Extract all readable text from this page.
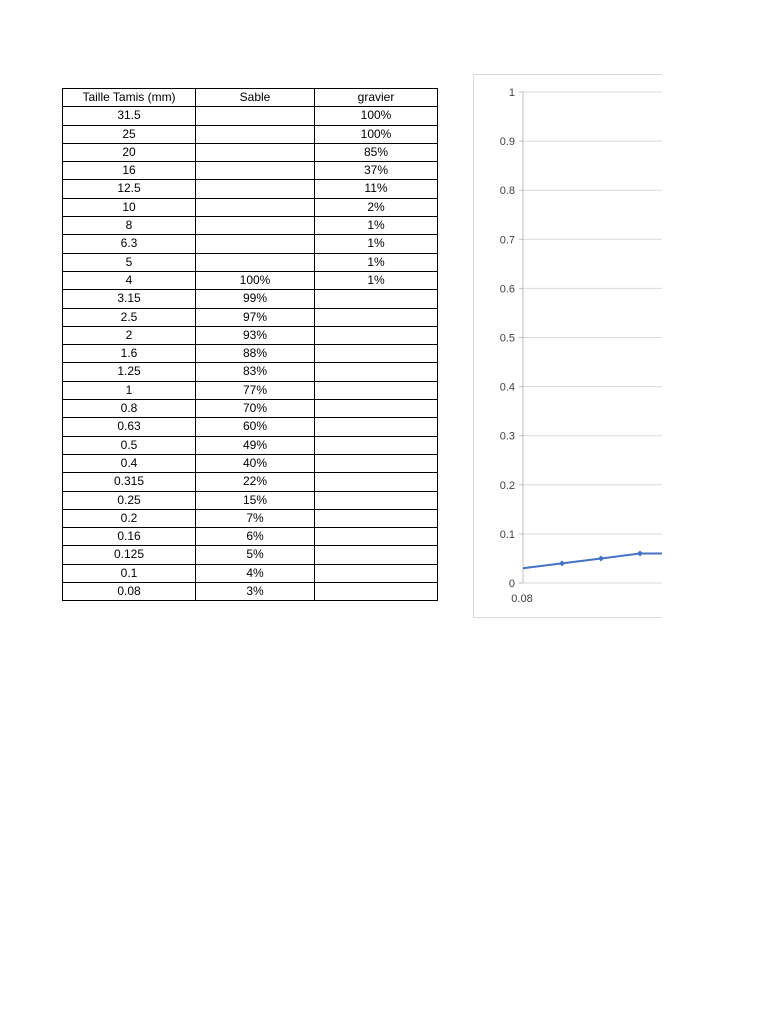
Taille Tamis (mm)	Sable	gravier
31.5		100%
25		100%
20		85%
16		37%
12.5		11%
10		2%
8		1%
6.3		1%
5		1%
4	100%	1%
3.15	99%	
2.5	97%	
2	93%	
1.6	88%	
1.25	83%	
1	77%	
0.8	70%	
0.63	60%	
0.5	49%	
0.4	40%	
0.315	22%	
0.25	15%	
0.2	7%	
0.16	6%	
0.125	5%	
0.1	4%	
0.08	3%	
0
0.1
0.2
0.3
0.4
0.5
0.6
0.7
0.8
0.9
1
0.08
